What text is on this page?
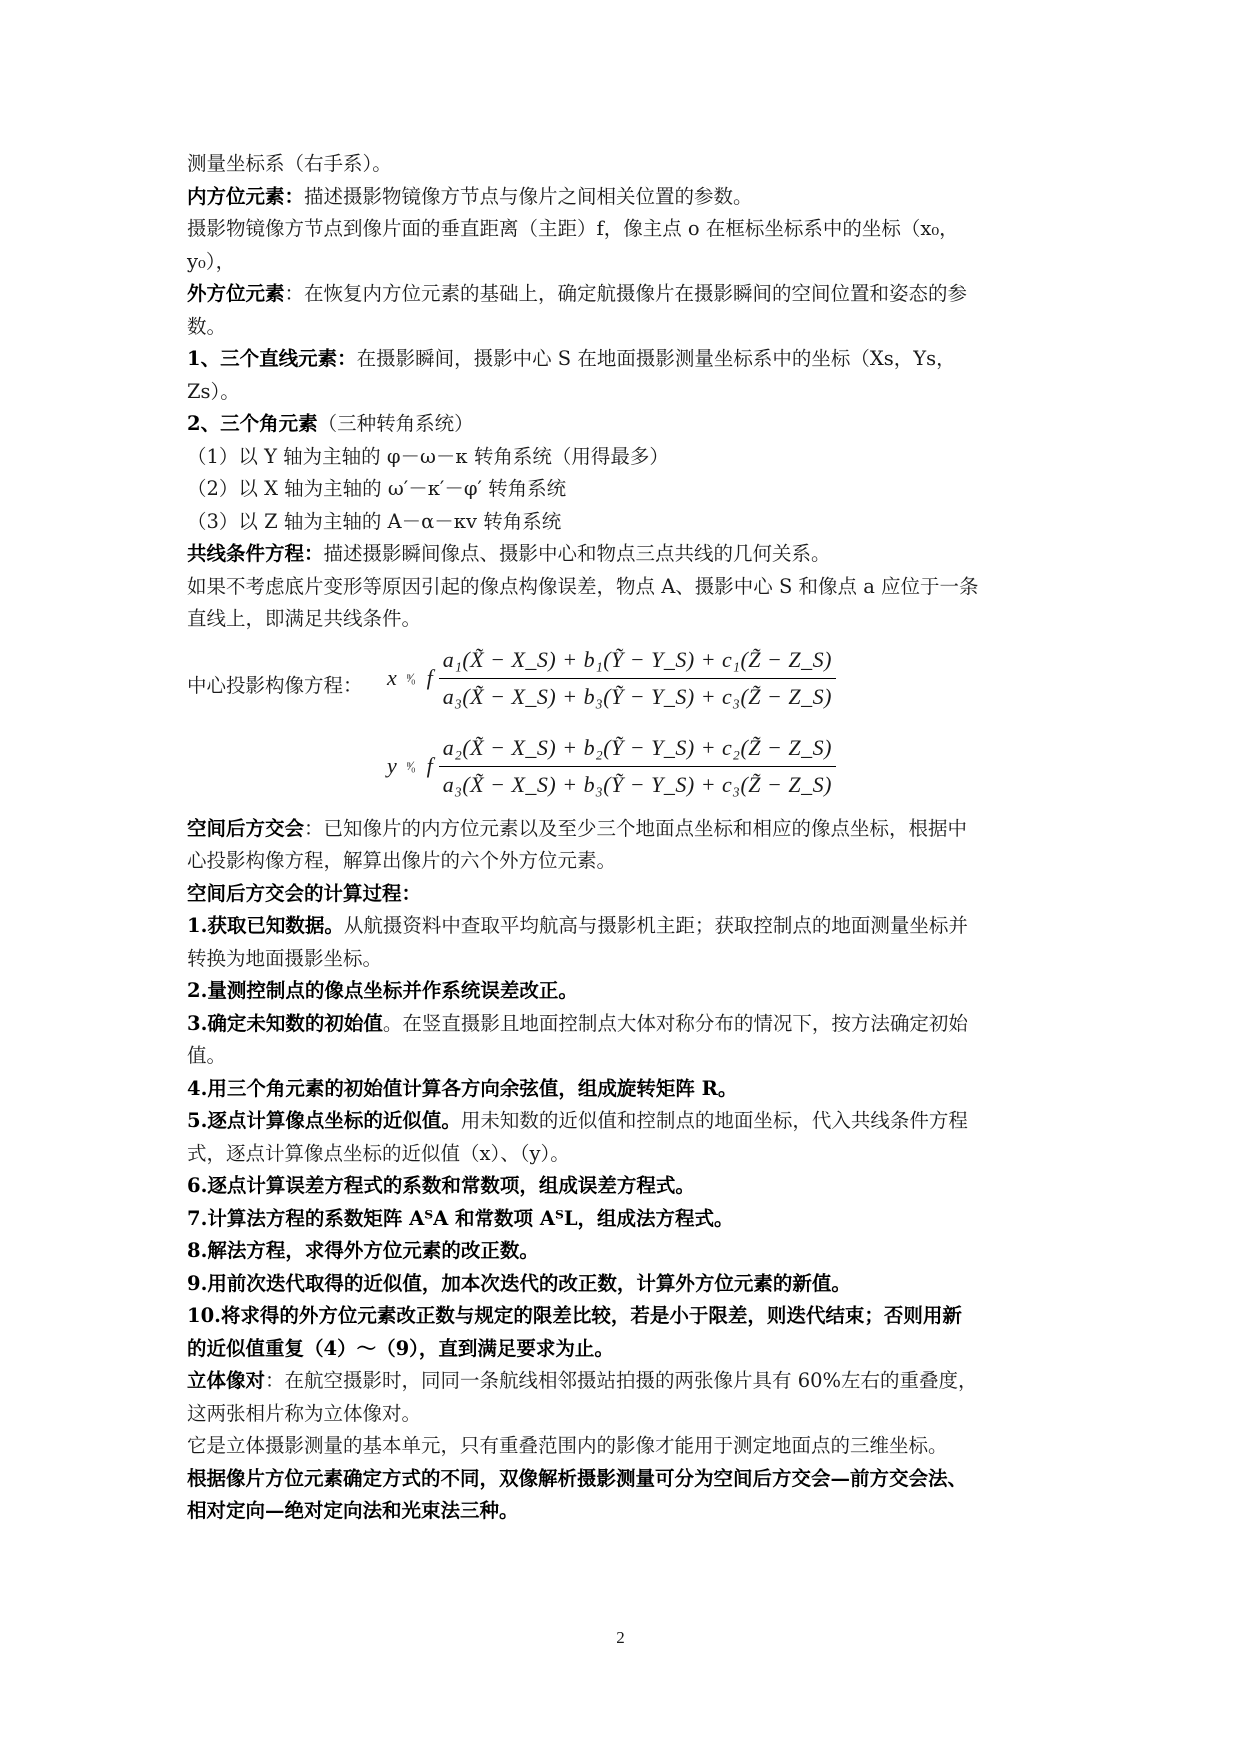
测量坐标系（右手系）。

内方位元素：描述摄影物镜像方节点与像片之间相关位置的参数。

摄影物镜像方节点到像片面的垂直距离（主距）f，像主点 o 在框标坐标系中的坐标（x₀，

y₀），

外方位元素：在恢复内方位元素的基础上，确定航摄像片在摄影瞬间的空间位置和姿态的参

数。

1、三个直线元素：在摄影瞬间，摄影中心 S 在地面摄影测量坐标系中的坐标（Xs，Ys，

Zs）。

2、三个角元素（三种转角系统）

（1）以 Y 轴为主轴的 φ－ω－κ 转角系统（用得最多）

（2）以 X 轴为主轴的 ω′－κ′－φ′ 转角系统

（3）以 Z 轴为主轴的 A－α－κv 转角系统

共线条件方程：描述摄影瞬间像点、摄影中心和物点三点共线的几何关系。

如果不考虑底片变形等原因引起的像点构像误差，物点 A、摄影中心 S 和像点 a 应位于一条

直线上，即满足共线条件。

中心投影构像方程： x ⁿ⁄₀ f $\frac{\text{a₁(X̃ − X\_S) + b₁(Ỹ − Y\_S) + c₁(Z̃ − Z\_S)}}{\text{a₃(X̃ − X\_S) + b₃(Ỹ − Y\_S) + c₃(Z̃ − Z\_S)}}$
y ⁿ⁄₀ f $\frac{\text{a₂(X̃ − X\_S) + b₂(Ỹ − Y\_S) + c₂(Z̃ − Z\_S)}}{\text{a₃(X̃ − X\_S) + b₃(Ỹ − Y\_S) + c₃(Z̃ − Z\_S)}}$

空间后方交会：已知像片的内方位元素以及至少三个地面点坐标和相应的像点坐标，根据中

心投影构像方程，解算出像片的六个外方位元素。

空间后方交会的计算过程：

1.获取已知数据。从航摄资料中查取平均航高与摄影机主距；获取控制点的地面测量坐标并

转换为地面摄影坐标。

2.量测控制点的像点坐标并作系统误差改正。

3.确定未知数的初始值。在竖直摄影且地面控制点大体对称分布的情况下，按方法确定初始

值。

4.用三个角元素的初始值计算各方向余弦值，组成旋转矩阵 R。

5.逐点计算像点坐标的近似值。用未知数的近似值和控制点的地面坐标，代入共线条件方程

式，逐点计算像点坐标的近似值（x）、（y）。

6.逐点计算误差方程式的系数和常数项，组成误差方程式。

7.计算法方程的系数矩阵 AᵀA 和常数项 AᵀL，组成法方程式。

8.解法方程，求得外方位元素的改正数。

9.用前次迭代取得的近似值，加本次迭代的改正数，计算外方位元素的新值。

10.将求得的外方位元素改正数与规定的限差比较，若是小于限差，则迭代结束；否则用新

的近似值重复（4）～（9），直到满足要求为止。

立体像对：在航空摄影时，同同一条航线相邻摄站拍摄的两张像片具有 60%左右的重叠度，

这两张相片称为立体像对。

它是立体摄影测量的基本单元，只有重叠范围内的影像才能用于测定地面点的三维坐标。

根据像片方位元素确定方式的不同，双像解析摄影测量可分为空间后方交会—前方交会法、

相对定向—绝对定向法和光束法三种。

2
